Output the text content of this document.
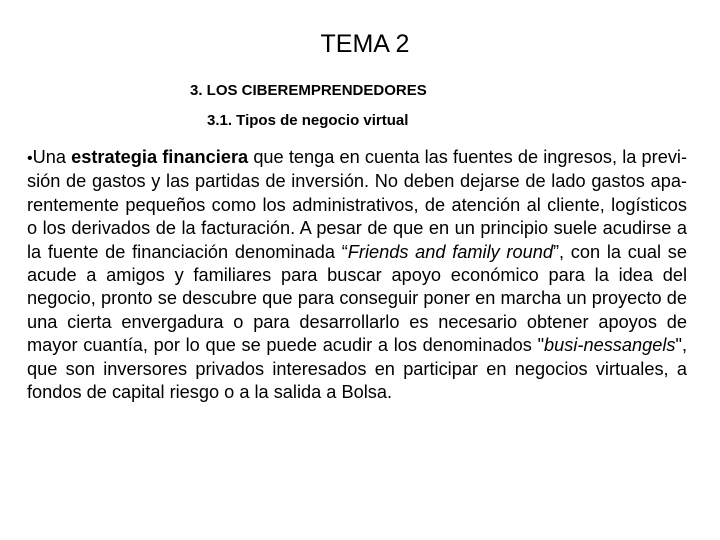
TEMA 2

3. LOS CIBEREMPRENDEDORES

3.1. Tipos de negocio virtual

•Una estrategia financiera que tenga en cuenta las fuentes de ingresos, la previ-sión de gastos y las partidas de inversión. No deben dejarse de lado gastos apa-rentemente pequeños como los administrativos, de atención al cliente, logísticos o los derivados de la facturación. A pesar de que en un principio suele acudirse a la fuente de financiación denominada “Friends and family round”, con la cual se acude a amigos y familiares para buscar apoyo económico para la idea del negocio, pronto se descubre que para conseguir poner en marcha un proyecto de una cierta envergadura o para desarrollarlo es necesario obtener apoyos de mayor cuantía, por lo que se puede acudir a los denominados "busi-nessangels", que son inversores privados interesados en participar en negocios virtuales, a fondos de capital riesgo o a la salida a Bolsa.
